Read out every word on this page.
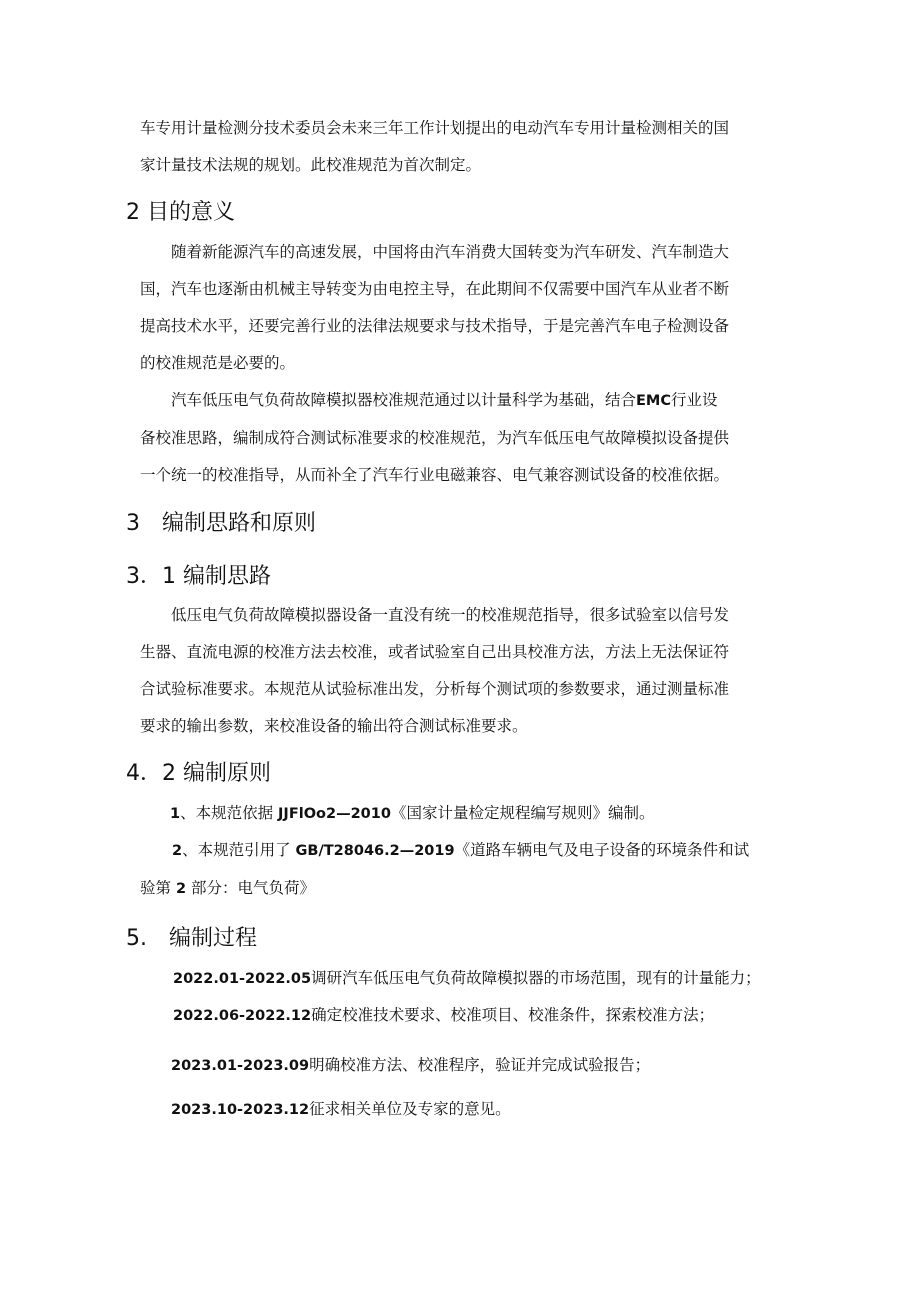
车专用计量检测分技术委员会未来三年工作计划提出的电动汽车专用计量检测相关的国
家计量技术法规的规划。此校准规范为首次制定。

2 目的意义

随着新能源汽车的高速发展，中国将由汽车消费大国转变为汽车研发、汽车制造大
国，汽车也逐渐由机械主导转变为由电控主导，在此期间不仅需要中国汽车从业者不断
提高技术水平，还要完善行业的法律法规要求与技术指导，于是完善汽车电子检测设备
的校准规范是必要的。

汽车低压电气负荷故障模拟器校准规范通过以计量科学为基础，结合EMC行业设
备校准思路，编制成符合测试标准要求的校准规范，为汽车低压电气故障模拟设备提供
一个统一的校准指导，从而补全了汽车行业电磁兼容、电气兼容测试设备的校准依据。

3　编制思路和原则
3．1 编制思路

低压电气负荷故障模拟器设备一直没有统一的校准规范指导，很多试验室以信号发
生器、直流电源的校准方法去校准，或者试验室自己出具校准方法，方法上无法保证符
合试验标准要求。本规范从试验标准出发，分析每个测试项的参数要求，通过测量标准
要求的输出参数，来校准设备的输出符合测试标准要求。

4．2 编制原则

1、本规范依据 JJFlOo2—2010《国家计量检定规程编写规则》编制。

2、本规范引用了 GB/T28046.2—2019《道路车辆电气及电子设备的环境条件和试
验第 2 部分：电气负荷》

5.　编制过程

2022.01-2022.05调研汽车低压电气负荷故障模拟器的市场范围，现有的计量能力；

2022.06-2022.12确定校准技术要求、校准项目、校准条件，探索校准方法；

2023.01-2023.09明确校准方法、校准程序，验证并完成试验报告；

2023.10-2023.12征求相关单位及专家的意见。
